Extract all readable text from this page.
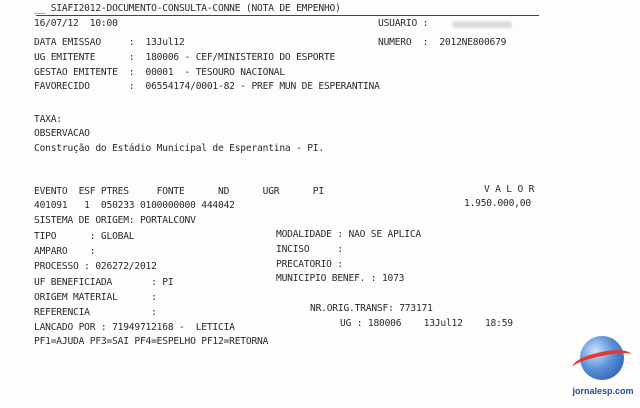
__ SIAFI2012-DOCUMENTO-CONSULTA-CONNE (NOTA DE EMPENHO)
16/07/12  10:00	USUARIO :
DATA EMISSAO     :  13Jul12	NUMERO  :  2012NE800679
UG EMITENTE      :  180006 - CEF/MINISTERIO DO ESPORTE
GESTAO EMITENTE  :  00001  - TESOURO NACIONAL
FAVORECIDO       :  06554174/0001-82 - PREF MUN DE ESPERANTINA
TAXA:
OBSERVACAO
Construção do Estádio Municipal de Esperantina - PI.
EVENTO  ESF PTRES     FONTE      ND      UGR      PI	V A L O R
401091   1  050233 0100000000 444042	1.950.000,00
SISTEMA DE ORIGEM: PORTALCONV
TIPO      : GLOBAL	MODALIDADE : NAO SE APLICA
AMPARO    :	INCISO     :
PROCESSO : 026272/2012	PRECATORIO :
UF BENEFICIADA       : PI	MUNICIPIO BENEF. : 1073
ORIGEM MATERIAL      :
REFERENCIA           :	NR.ORIG.TRANSF: 773171
LANCADO POR : 71949712168 -  LETICIA	UG : 180006    13Jul12    18:59
PF1=AJUDA PF3=SAI PF4=ESPELHO PF12=RETORNA
jornalesp.com
